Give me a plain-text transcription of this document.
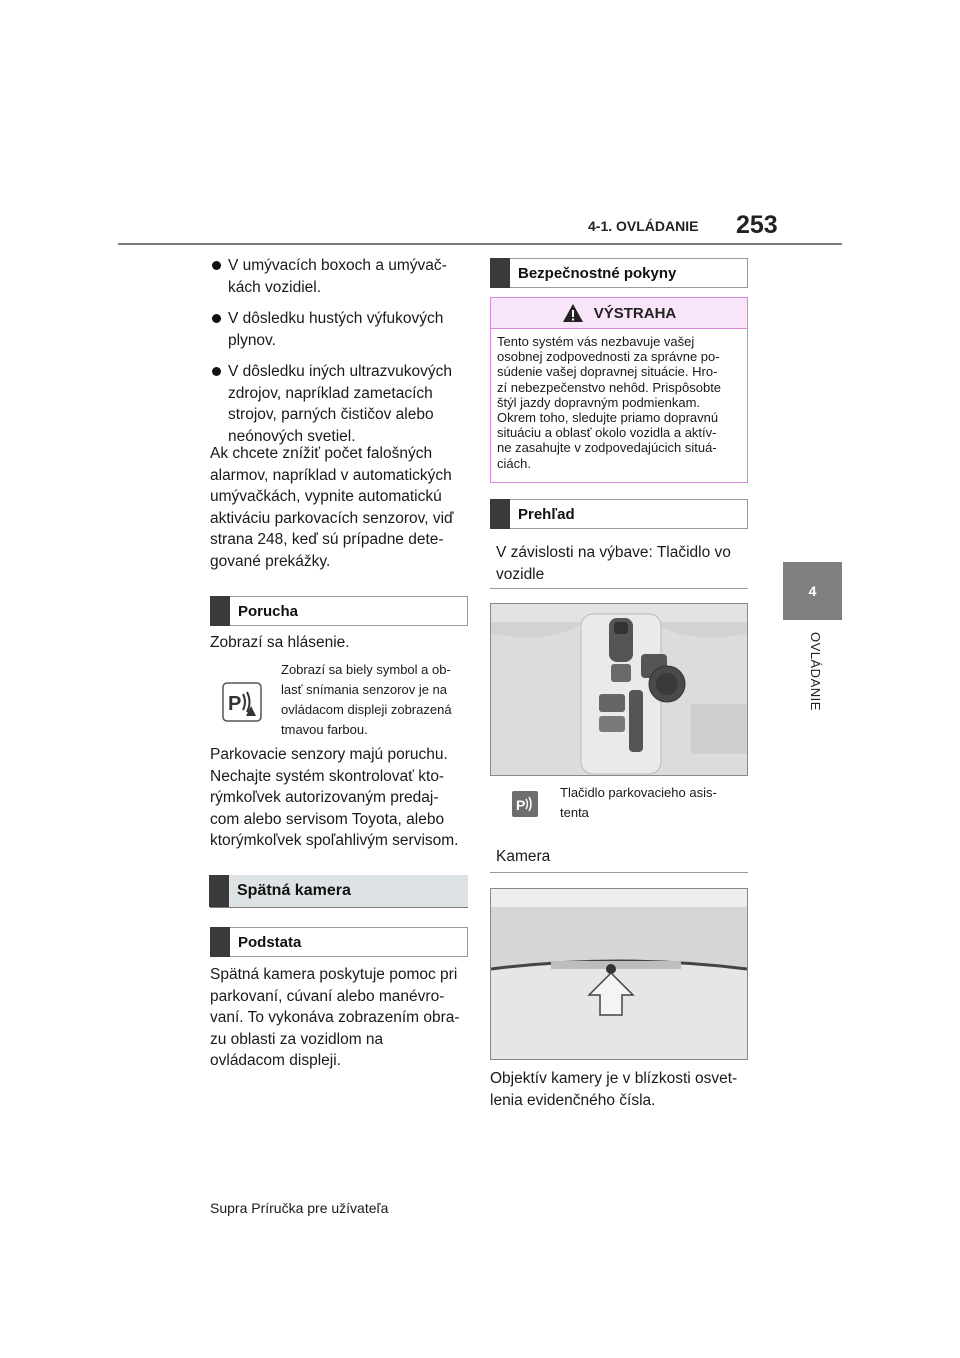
4-1. OVLÁDANIE 253
4
OVLÁDANIE
V umývacích boxoch a umývač-
kách vozidiel.
V dôsledku hustých výfukových
plynov.
V dôsledku iných ultrazvukových
zdrojov, napríklad zametacích
strojov, parných čističov alebo
neónových svetiel.
Ak chcete znížiť počet falošných
alarmov, napríklad v automatických
umývačkách, vypnite automatickú
aktiváciu parkovacích senzorov, viď
strana 248, keď sú prípadne dete-
gované prekážky.
Porucha
Zobrazí sa hlásenie.
P
Zobrazí sa biely symbol a ob-
lasť snímania senzorov je na
ovládacom displeji zobrazená
tmavou farbou.
Parkovacie senzory majú poruchu.
Nechajte systém skontrolovať kto-
rýmkoľvek autorizovaným predaj-
com alebo servisom Toyota, alebo
ktorýmkoľvek spoľahlivým servisom.
Spätná kamera
Podstata
Spätná kamera poskytuje pomoc pri
parkovaní, cúvaní alebo manévro-
vaní. To vykonáva zobrazením obra-
zu oblasti za vozidlom na
ovládacom displeji.
Bezpečnostné pokyny
VÝSTRAHA
Tento systém vás nezbavuje vašej
osobnej zodpovednosti za správne po-
súdenie vašej dopravnej situácie. Hro-
zí nebezpečenstvo nehôd. Prispôsobte
štýl jazdy dopravným podmienkam.
Okrem toho, sledujte priamo dopravnú
situáciu a oblasť okolo vozidla a aktív-
ne zasahujte v zodpovedajúcich situá-
ciách.
Prehľad
V závislosti na výbave: Tlačidlo vo
vozidle
P
Tlačidlo parkovacieho asis-
tenta
Kamera
Objektív kamery je v blízkosti osvet-
lenia evidenčného čísla.
Supra Príručka pre užívateľa
